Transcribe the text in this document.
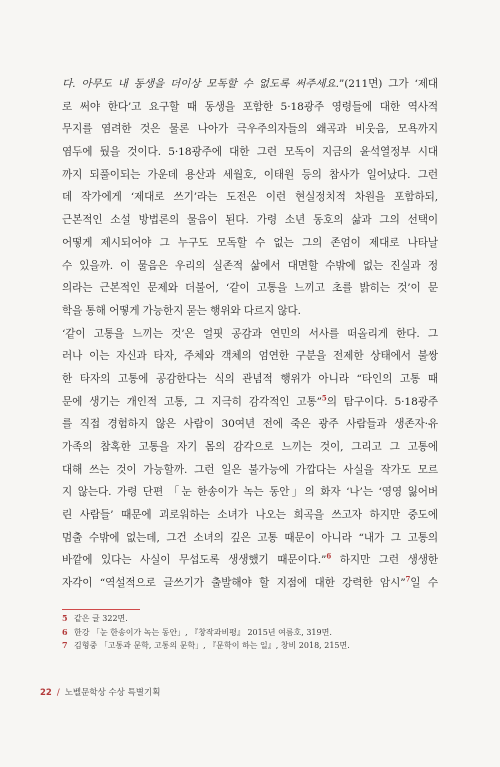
다. 아무도 내 동생을 더이상 모독할 수 없도록 써주세요.”(211면) 그가 ‘제대
로 써야 한다’고 요구할 때 동생을 포함한 5·18광주 영령들에 대한 역사적
무지를 염려한 것은 물론 나아가 극우주의자들의 왜곡과 비웃음, 모욕까지
염두에 뒀을 것이다. 5·18광주에 대한 그런 모독이 지금의 윤석열정부 시대
까지 되풀이되는 가운데 용산과 세월호, 이태원 등의 참사가 일어났다. 그런
데 작가에게 ‘제대로 쓰기’라는 도전은 이런 현실정치적 차원을 포함하되,
근본적인 소설 방법론의 물음이 된다. 가령 소년 동호의 삶과 그의 선택이
어떻게 제시되어야 그 누구도 모독할 수 없는 그의 존엄이 제대로 나타날
수 있을까. 이 물음은 우리의 실존적 삶에서 대면할 수밖에 없는 진실과 정
의라는 근본적인 문제와 더불어, ‘같이 고통을 느끼고 초를 밝히는 것’이 문
학을 통해 어떻게 가능한지 묻는 행위와 다르지 않다.
‘같이 고통을 느끼는 것’은 얼핏 공감과 연민의 서사를 떠올리게 한다. 그
러나 이는 자신과 타자, 주체와 객체의 엄연한 구분을 전제한 상태에서 불쌍
한 타자의 고통에 공감한다는 식의 관념적 행위가 아니라 “타인의 고통 때
문에 생기는 개인적 고통, 그 지극히 감각적인 고통”$^5$의 탐구이다. 5·18광주
를 직접 경험하지 않은 사람이 30여년 전에 죽은 광주 사람들과 생존자·유
가족의 참혹한 고통을 자기 몸의 감각으로 느끼는 것이, 그리고 그 고통에
대해 쓰는 것이 가능할까. 그런 일은 불가능에 가깝다는 사실을 작가도 모르
지 않는다. 가령 단편 「눈 한송이가 녹는 동안」의 화자 ‘나’는 ‘영영 잃어버
린 사람들’ 때문에 괴로워하는 소녀가 나오는 희곡을 쓰고자 하지만 중도에
멈출 수밖에 없는데, 그건 소녀의 깊은 고통 때문이 아니라 “내가 그 고통의
바깥에 있다는 사실이 무섭도록 생생했기 때문이다.”$^6$ 하지만 그런 생생한
자각이 “역설적으로 글쓰기가 출발해야 할 지점에 대한 강력한 암시”$^7$일 수
5 같은 글 322면.
6 한강 「눈 한송이가 녹는 동안」, 『창작과비평』 2015년 여름호, 319면.
7 김형중 「고통과 문학, 고통의 문학」, 『문학이 하는 일』, 창비 2018, 215면.
22 / 노벨문학상 수상 특별기획
